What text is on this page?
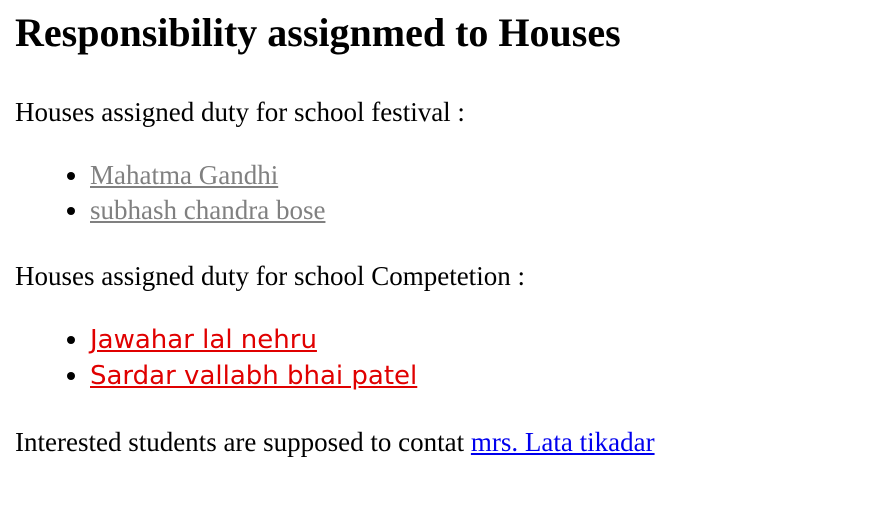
Responsibility assignmed to Houses

Houses assigned duty for school festival :

• Mahatma Gandhi
• subhash chandra bose

Houses assigned duty for school Competetion :

• Jawahar lal nehru
• Sardar vallabh bhai patel

Interested students are supposed to contat mrs. Lata tikadar
